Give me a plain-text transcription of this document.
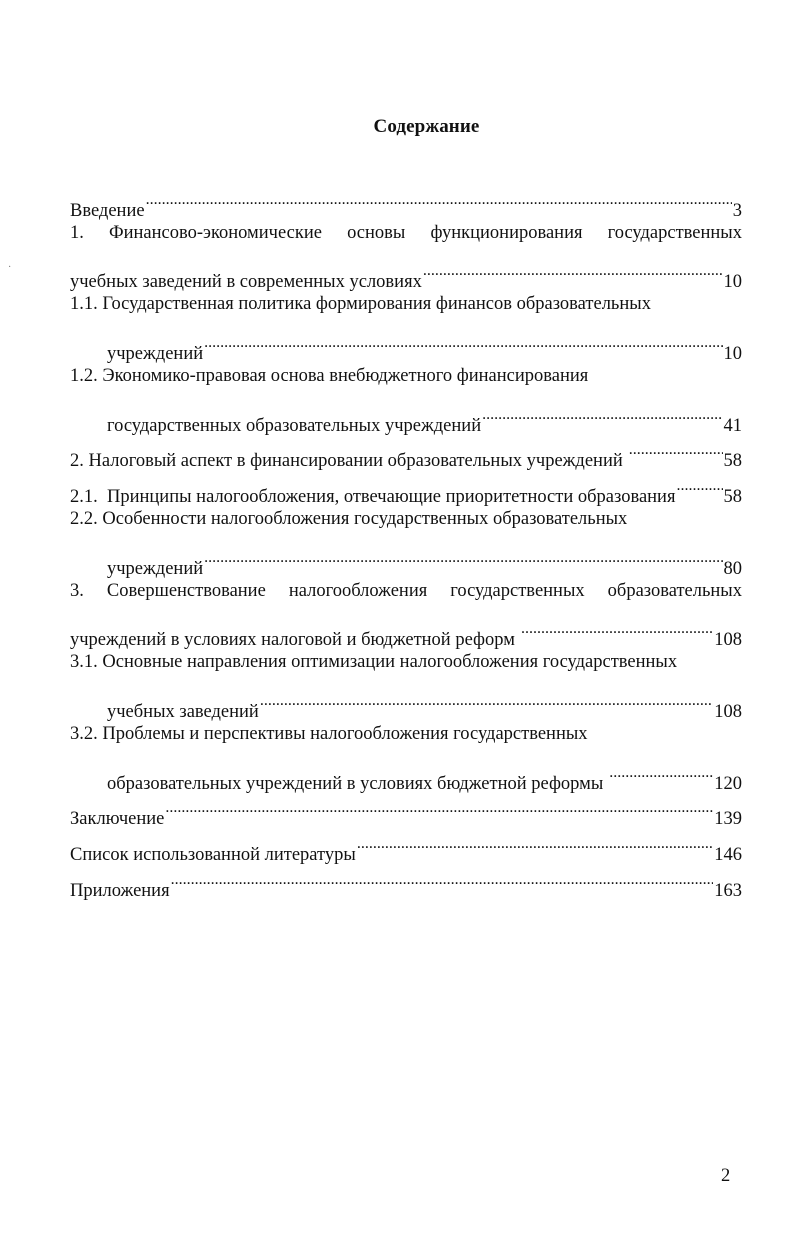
·
Содержание
Введение .....	3
1. Финансово-экономические основы функционирования государственных
учебных заведений в современных условиях .....	10
1.1. Государственная политика формирования финансов образовательных
учреждений .....	10
1.2. Экономико-правовая основа внебюджетного финансирования
государственных образовательных учреждений .....	41
2. Налоговый аспект в финансировании образовательных учреждений .....	58
2.1.  Принципы налогообложения, отвечающие приоритетности образования .....	58
2.2. Особенности налогообложения государственных образовательных
учреждений .....	80
3. Совершенствование налогообложения государственных образовательных
учреждений в условиях налоговой и бюджетной реформ .....	108
3.1. Основные направления оптимизации налогообложения государственных
учебных заведений .....	108
3.2. Проблемы и перспективы налогообложения государственных
образовательных учреждений в условиях бюджетной реформы .....	120
Заключение .....	139
Список использованной литературы .....	146
Приложения .....	163
2
